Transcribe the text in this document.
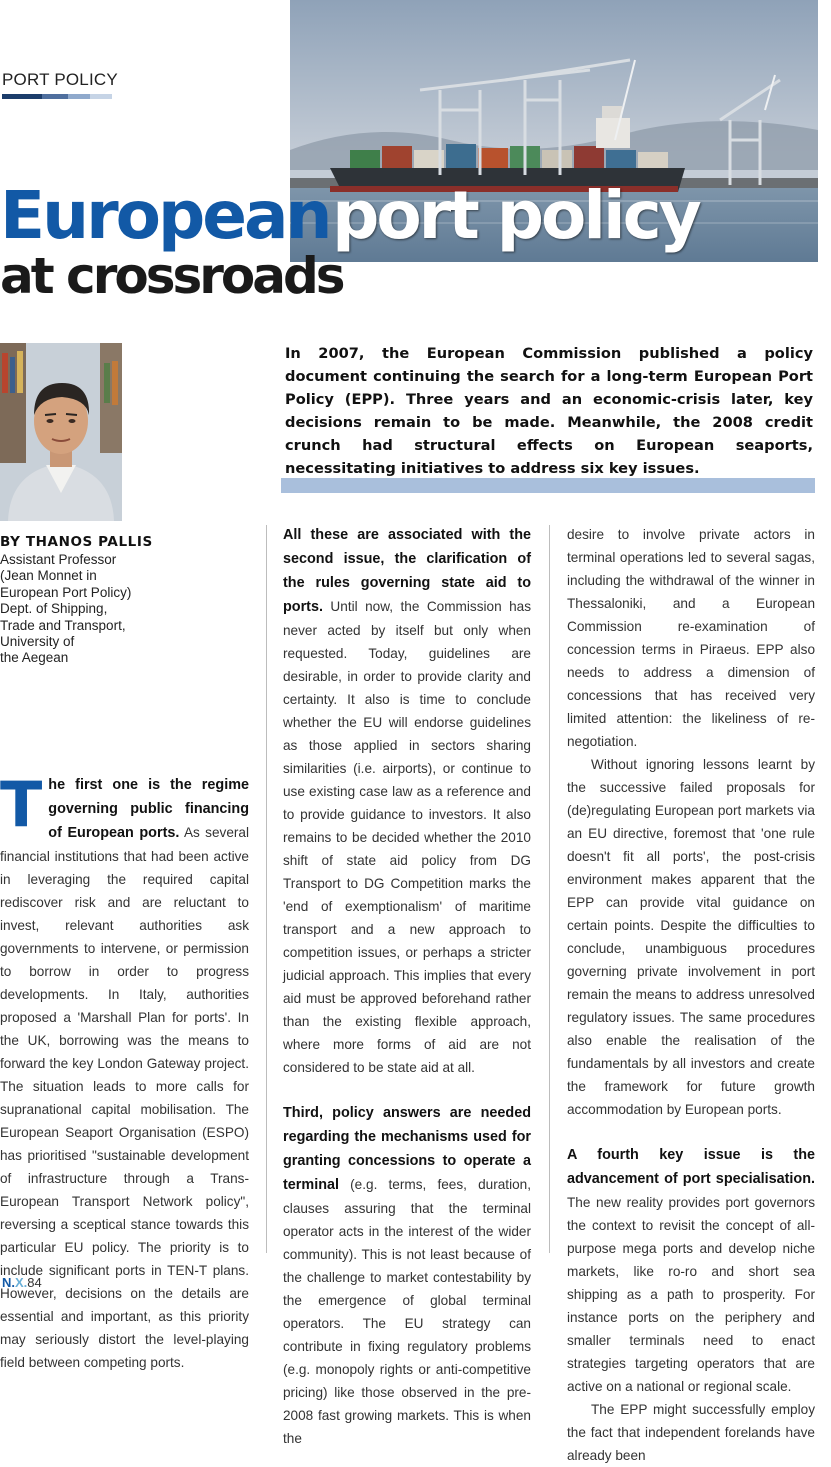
PORT POLICY
European port policy
at crossroads
BY THANOS PALLIS
Assistant Professor
(Jean Monnet in
European Port Policy)
Dept. of Shipping,
Trade and Transport,
University of
the Aegean
In 2007, the European Commission published a policy document continuing the search for a long-term European Port Policy (EPP). Three years and an economic-crisis later, key decisions remain to be made. Meanwhile, the 2008 credit crunch had structural effects on European seaports, necessitating initiatives to address six key issues.

The first one is the regime governing public financing of European ports. As several financial institutions that had been active in leveraging the required capital rediscover risk and are reluctant to invest, relevant authorities ask governments to intervene, or permission to borrow in order to progress developments. In Italy, authorities proposed a 'Marshall Plan for ports'. In the UK, borrowing was the means to forward the key London Gateway project. The situation leads to more calls for supranational capital mobilisation. The European Seaport Organisation (ESPO) has prioritised "sustainable development of infrastructure through a Trans-European Transport Network policy", reversing a sceptical stance towards this particular EU policy. The priority is to include significant ports in TEN-T plans. However, decisions on the details are essential and important, as this priority may seriously distort the level-playing field between competing ports.

All these are associated with the second issue, the clarification of the rules governing state aid to ports. Until now, the Commission has never acted by itself but only when requested. Today, guidelines are desirable, in order to provide clarity and certainty. It also is time to conclude whether the EU will endorse guidelines as those applied in sectors sharing similarities (i.e. airports), or continue to use existing case law as a reference and to provide guidance to investors. It also remains to be decided whether the 2010 shift of state aid policy from DG Transport to DG Competition marks the 'end of exemptionalism' of maritime transport and a new approach to competition issues, or perhaps a stricter judicial approach. This implies that every aid must be approved beforehand rather than the existing flexible approach, where more forms of aid are not considered to be state aid at all.

Third, policy answers are needed regarding the mechanisms used for granting concessions to operate a terminal (e.g. terms, fees, duration, clauses assuring that the terminal operator acts in the interest of the wider community). This is not least because of the challenge to market contestability by the emergence of global terminal operators. The EU strategy can contribute in fixing regulatory problems (e.g. monopoly rights or anti-competitive pricing) like those observed in the pre-2008 fast growing markets. This is when the

desire to involve private actors in terminal operations led to several sagas, including the withdrawal of the winner in Thessaloniki, and a European Commission re-examination of concession terms in Piraeus. EPP also needs to address a dimension of concessions that has received very limited attention: the likeliness of re-negotiation.

Without ignoring lessons learnt by the successive failed proposals for (de)regulating European port markets via an EU directive, foremost that 'one rule doesn't fit all ports', the post-crisis environment makes apparent that the EPP can provide vital guidance on certain points. Despite the difficulties to conclude, unambiguous procedures governing private involvement in port remain the means to address unresolved regulatory issues. The same procedures also enable the realisation of the fundamentals by all investors and create the framework for future growth accommodation by European ports.

A fourth key issue is the advancement of port specialisation. The new reality provides port governors the context to revisit the concept of all-purpose mega ports and develop niche markets, like ro-ro and short sea shipping as a path to prosperity. For instance ports on the periphery and smaller terminals need to enact strategies targeting operators that are active on a national or regional scale.

The EPP might successfully employ the fact that independent forelands have already been

N.X.84
